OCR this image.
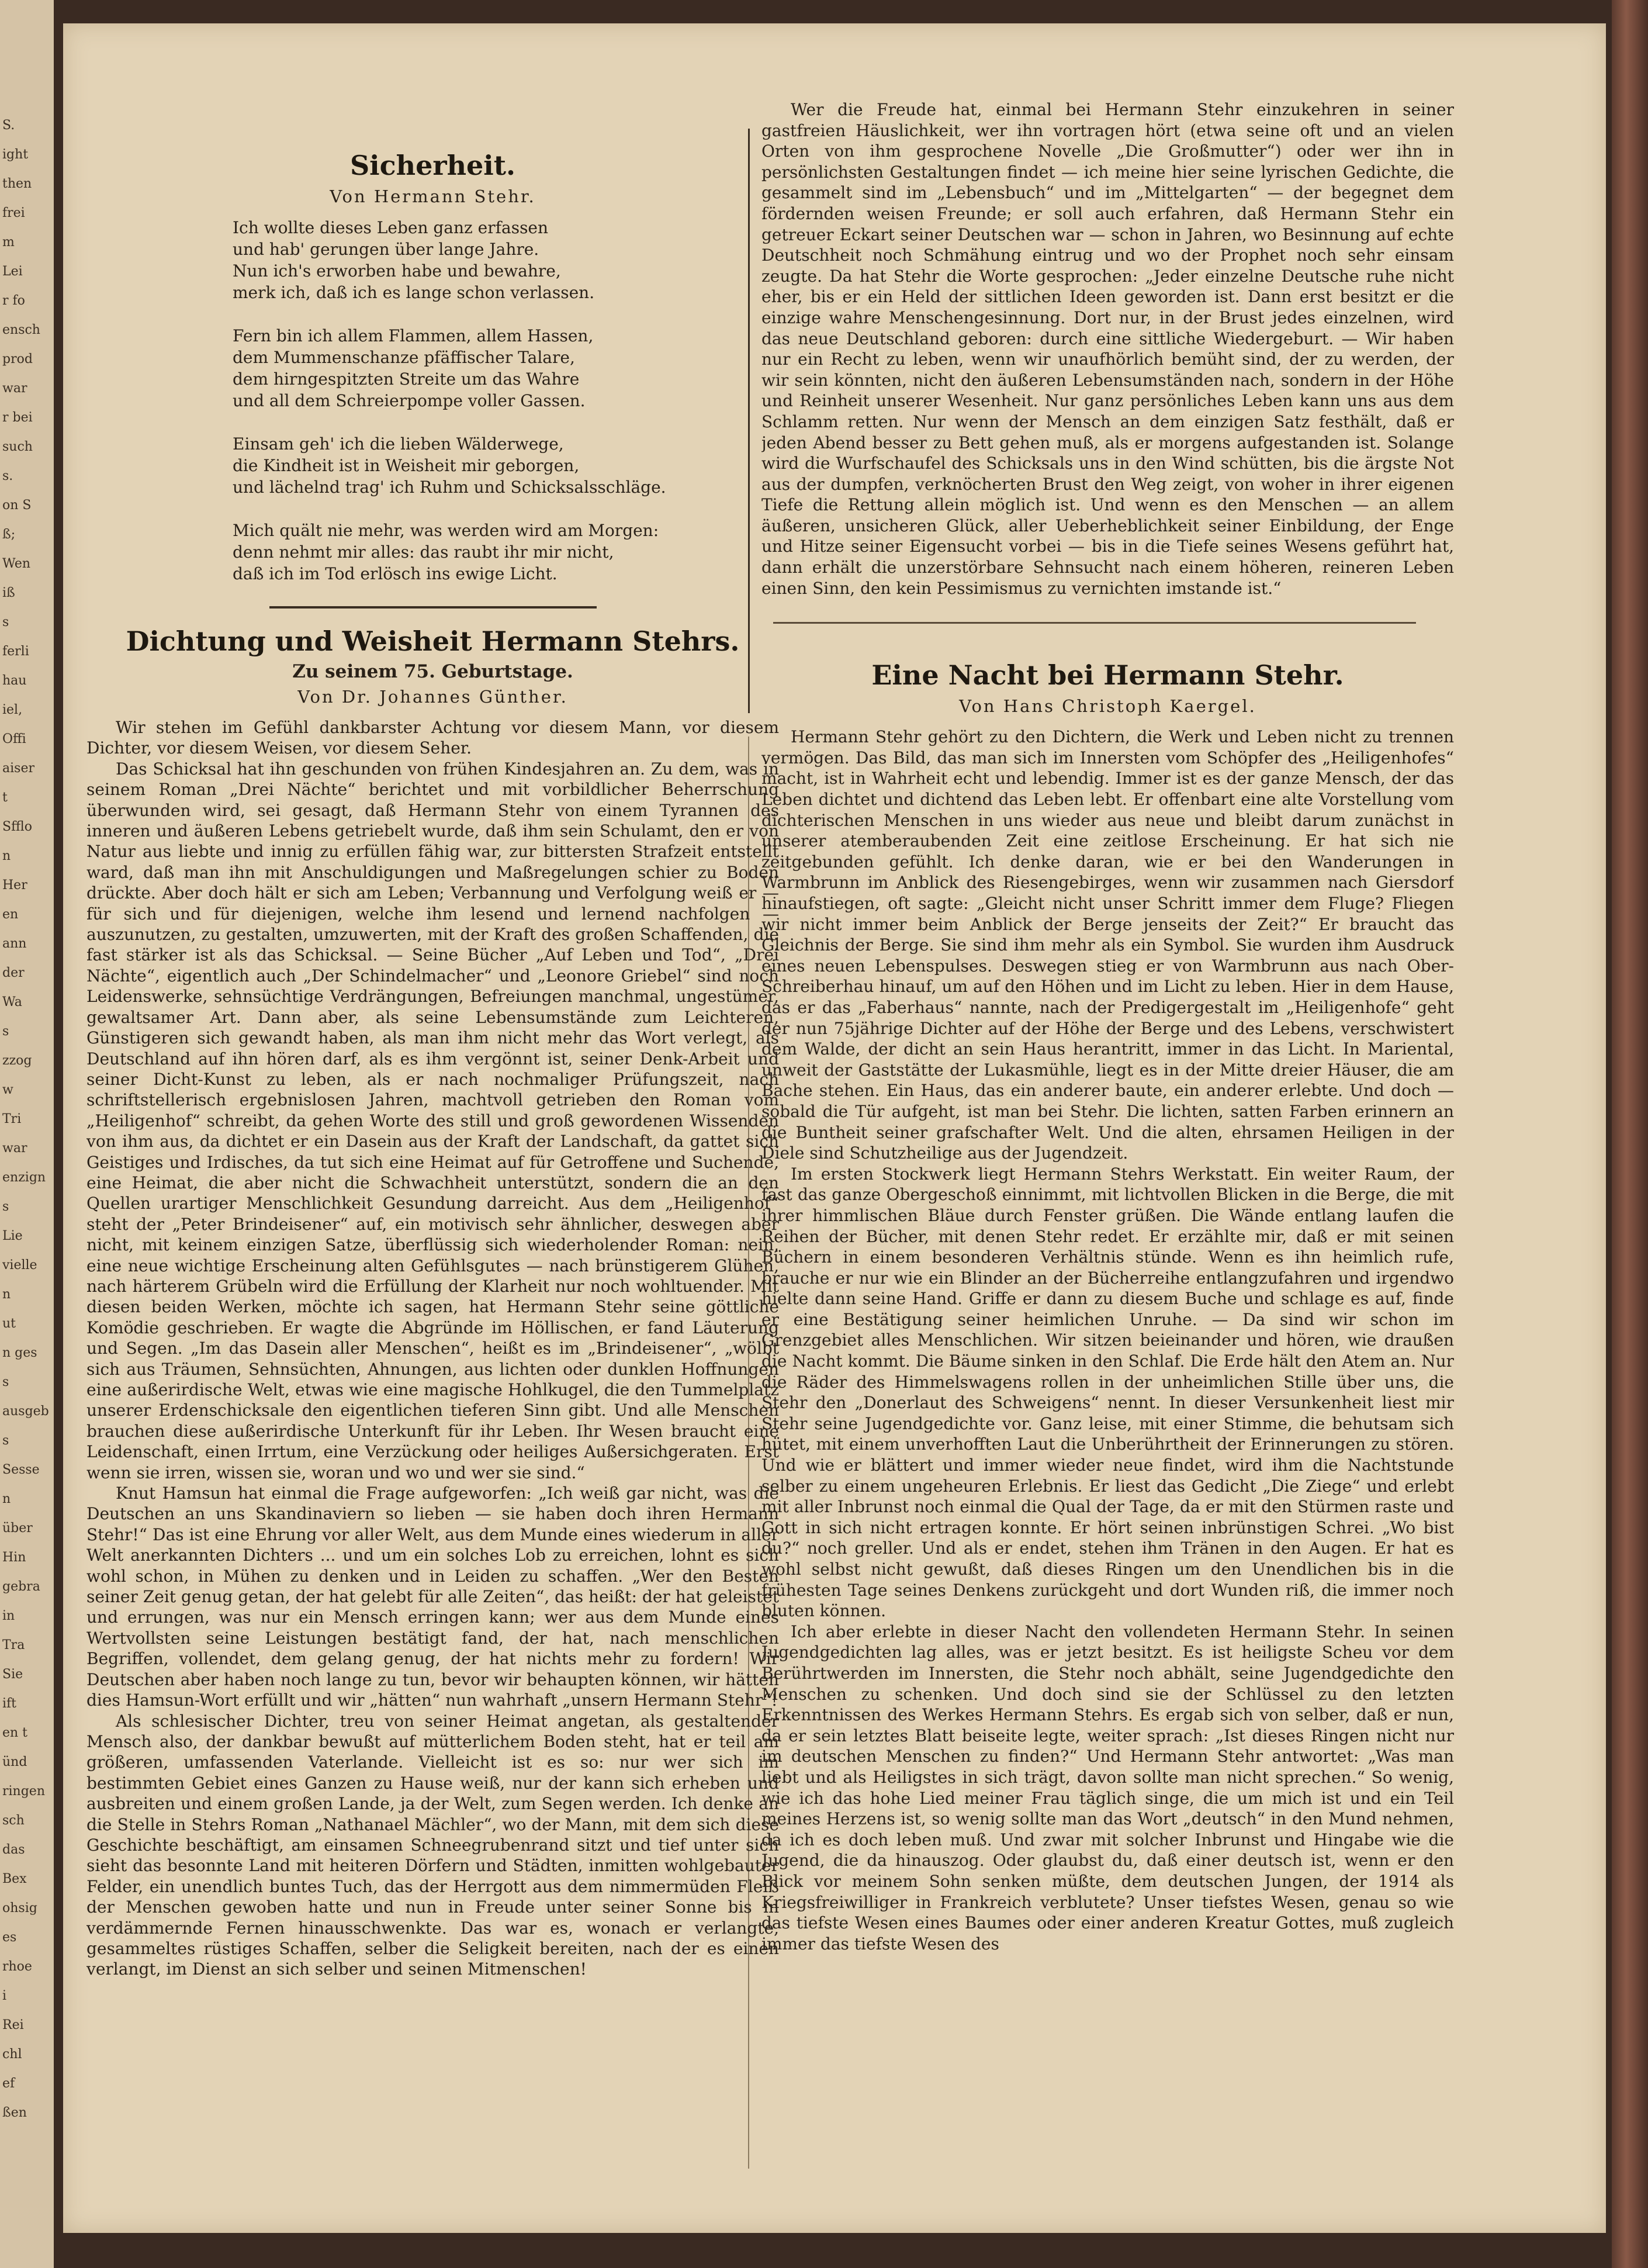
S.
ight
then
frei
m
Lei
r fo
ensch
prod
war
r bei
such
s.
on S
ß;
Wen
iß
s
ferli
hau
iel,
Offi
aiser
t
Sfflo
n
Her
en
ann
der
Wa
s
zzog
w
Tri
war
enzign
s
Lie
vielle
n
ut
n ges
s
ausgeb
s
Sesse
n
über
Hin
gebra
in
Tra
Sie
ift
en t
ünd
ringen
sch
das
Bex
ohsig
es
rhoe
i
Rei
chl
ef
ßen
Sicherheit.
Von Hermann Stehr.
Ich wollte dieses Leben ganz erfassen
und hab' gerungen über lange Jahre.
Nun ich's erworben habe und bewahre,
merk ich, daß ich es lange schon verlassen.
Fern bin ich allem Flammen, allem Hassen,
dem Mummenschanze pfäffischer Talare,
dem hirngespitzten Streite um das Wahre
und all dem Schreierpompe voller Gassen.
Einsam geh' ich die lieben Wälderwege,
die Kindheit ist in Weisheit mir geborgen,
und lächelnd trag' ich Ruhm und Schicksalsschläge.
Mich quält nie mehr, was werden wird am Morgen:
denn nehmt mir alles: das raubt ihr mir nicht,
daß ich im Tod erlösch ins ewige Licht.
Dichtung und Weisheit Hermann Stehrs.
Zu seinem 75. Geburtstage.
Von Dr. Johannes Günther.

Wir stehen im Gefühl dankbarster Achtung vor diesem Mann, vor diesem Dichter, vor diesem Weisen, vor diesem Seher.

Das Schicksal hat ihn geschunden von frühen Kindesjahren an. Zu dem, was in seinem Roman „Drei Nächte“ berichtet und mit vorbildlicher Beherrschung überwunden wird, sei gesagt, daß Hermann Stehr von einem Tyrannen des inneren und äußeren Lebens getriebelt wurde, daß ihm sein Schulamt, den er von Natur aus liebte und innig zu erfüllen fähig war, zur bittersten Strafzeit entstellt ward, daß man ihn mit Anschuldigungen und Maßregelungen schier zu Boden drückte. Aber doch hält er sich am Leben; Verbannung und Verfolgung weiß er — für sich und für diejenigen, welche ihm lesend und lernend nachfolgen — auszunutzen, zu gestalten, umzuwerten, mit der Kraft des großen Schaffenden, die fast stärker ist als das Schicksal. — Seine Bücher „Auf Leben und Tod“, „Drei Nächte“, eigentlich auch „Der Schindelmacher“ und „Leonore Griebel“ sind noch Leidenswerke, sehnsüchtige Verdrängungen, Befreiungen manchmal, ungestümer, gewaltsamer Art. Dann aber, als seine Lebensumstände zum Leichteren, Günstigeren sich gewandt haben, als man ihm nicht mehr das Wort verlegt, als Deutschland auf ihn hören darf, als es ihm vergönnt ist, seiner Denk-Arbeit und seiner Dicht-Kunst zu leben, als er nach nochmaliger Prüfungszeit, nach schriftstellerisch ergebnislosen Jahren, machtvoll getrieben den Roman vom „Heiligenhof“ schreibt, da gehen Worte des still und groß gewordenen Wissenden von ihm aus, da dichtet er ein Dasein aus der Kraft der Landschaft, da gattet sich Geistiges und Irdisches, da tut sich eine Heimat auf für Getroffene und Suchende, eine Heimat, die aber nicht die Schwachheit unterstützt, sondern die an den Quellen urartiger Menschlichkeit Gesundung darreicht. Aus dem „Heiligenhof“ steht der „Peter Brindeisener“ auf, ein motivisch sehr ähnlicher, deswegen aber nicht, mit keinem einzigen Satze, überflüssig sich wiederholender Roman: nein, eine neue wichtige Erscheinung alten Gefühlsgutes — nach brünstigerem Glühen, nach härterem Grübeln wird die Erfüllung der Klarheit nur noch wohltuender. Mit diesen beiden Werken, möchte ich sagen, hat Hermann Stehr seine göttliche Komödie geschrieben. Er wagte die Abgründe im Höllischen, er fand Läuterung und Segen. „Im das Dasein aller Menschen“, heißt es im „Brindeisener“, „wölbt sich aus Träumen, Sehnsüchten, Ahnungen, aus lichten oder dunklen Hoffnungen eine außerirdische Welt, etwas wie eine magische Hohlkugel, die den Tummelplatz unserer Erdenschicksale den eigentlichen tieferen Sinn gibt. Und alle Menschen brauchen diese außerirdische Unterkunft für ihr Leben. Ihr Wesen braucht eine Leidenschaft, einen Irrtum, eine Verzückung oder heiliges Außersichgeraten. Erst wenn sie irren, wissen sie, woran und wo und wer sie sind.“

Knut Hamsun hat einmal die Frage aufgeworfen: „Ich weiß gar nicht, was die Deutschen an uns Skandinaviern so lieben — sie haben doch ihren Hermann Stehr!“ Das ist eine Ehrung vor aller Welt, aus dem Munde eines wiederum in aller Welt anerkannten Dichters ... und um ein solches Lob zu erreichen, lohnt es sich wohl schon, in Mühen zu denken und in Leiden zu schaffen. „Wer den Besten seiner Zeit genug getan, der hat gelebt für alle Zeiten“, das heißt: der hat geleistet und errungen, was nur ein Mensch erringen kann; wer aus dem Munde eines Wertvollsten seine Leistungen bestätigt fand, der hat, nach menschlichen Begriffen, vollendet, dem gelang genug, der hat nichts mehr zu fordern! Wir Deutschen aber haben noch lange zu tun, bevor wir behaupten können, wir hätten dies Hamsun-Wort erfüllt und wir „hätten“ nun wahrhaft „unsern Hermann Stehr“!

Als schlesischer Dichter, treu von seiner Heimat angetan, als gestaltender Mensch also, der dankbar bewußt auf mütterlichem Boden steht, hat er teil am größeren, umfassenden Vaterlande. Vielleicht ist es so: nur wer sich im bestimmten Gebiet eines Ganzen zu Hause weiß, nur der kann sich erheben und ausbreiten und einem großen Lande, ja der Welt, zum Segen werden. Ich denke an die Stelle in Stehrs Roman „Nathanael Mächler“, wo der Mann, mit dem sich diese Geschichte beschäftigt, am einsamen Schneegrubenrand sitzt und tief unter sich sieht das besonnte Land mit heiteren Dörfern und Städten, inmitten wohlgebauter Felder, ein unendlich buntes Tuch, das der Herrgott aus dem nimmermüden Fleiß der Menschen gewoben hatte und nun in Freude unter seiner Sonne bis in verdämmernde Fernen hinausschwenkte. Das war es, wonach er verlangte, gesammeltes rüstiges Schaffen, selber die Seligkeit bereiten, nach der es einen verlangt, im Dienst an sich selber und seinen Mitmenschen!

Wer die Freude hat, einmal bei Hermann Stehr einzukehren in seiner gastfreien Häuslichkeit, wer ihn vortragen hört (etwa seine oft und an vielen Orten von ihm gesprochene Novelle „Die Großmutter“) oder wer ihn in persönlichsten Gestaltungen findet — ich meine hier seine lyrischen Gedichte, die gesammelt sind im „Lebensbuch“ und im „Mittelgarten“ — der begegnet dem fördernden weisen Freunde; er soll auch erfahren, daß Hermann Stehr ein getreuer Eckart seiner Deutschen war — schon in Jahren, wo Besinnung auf echte Deutschheit noch Schmähung eintrug und wo der Prophet noch sehr einsam zeugte. Da hat Stehr die Worte gesprochen: „Jeder einzelne Deutsche ruhe nicht eher, bis er ein Held der sittlichen Ideen geworden ist. Dann erst besitzt er die einzige wahre Menschengesinnung. Dort nur, in der Brust jedes einzelnen, wird das neue Deutschland geboren: durch eine sittliche Wiedergeburt. — Wir haben nur ein Recht zu leben, wenn wir unaufhörlich bemüht sind, der zu werden, der wir sein könnten, nicht den äußeren Lebensumständen nach, sondern in der Höhe und Reinheit unserer Wesenheit. Nur ganz persönliches Leben kann uns aus dem Schlamm retten. Nur wenn der Mensch an dem einzigen Satz festhält, daß er jeden Abend besser zu Bett gehen muß, als er morgens aufgestanden ist. Solange wird die Wurfschaufel des Schicksals uns in den Wind schütten, bis die ärgste Not aus der dumpfen, verknöcherten Brust den Weg zeigt, von woher in ihrer eigenen Tiefe die Rettung allein möglich ist. Und wenn es den Menschen — an allem äußeren, unsicheren Glück, aller Ueberheblichkeit seiner Einbildung, der Enge und Hitze seiner Eigensucht vorbei — bis in die Tiefe seines Wesens geführt hat, dann erhält die unzerstörbare Sehnsucht nach einem höheren, reineren Leben einen Sinn, den kein Pessimismus zu vernichten imstande ist.“

Eine Nacht bei Hermann Stehr.
Von Hans Christoph Kaergel.

Hermann Stehr gehört zu den Dichtern, die Werk und Leben nicht zu trennen vermögen. Das Bild, das man sich im Innersten vom Schöpfer des „Heiligenhofes“ macht, ist in Wahrheit echt und lebendig. Immer ist es der ganze Mensch, der das Leben dichtet und dichtend das Leben lebt. Er offenbart eine alte Vorstellung vom dichterischen Menschen in uns wieder aus neue und bleibt darum zunächst in unserer atemberaubenden Zeit eine zeitlose Erscheinung. Er hat sich nie zeitgebunden gefühlt. Ich denke daran, wie er bei den Wanderungen in Warmbrunn im Anblick des Riesengebirges, wenn wir zusammen nach Giersdorf hinaufstiegen, oft sagte: „Gleicht nicht unser Schritt immer dem Fluge? Fliegen wir nicht immer beim Anblick der Berge jenseits der Zeit?“ Er braucht das Gleichnis der Berge. Sie sind ihm mehr als ein Symbol. Sie wurden ihm Ausdruck eines neuen Lebenspulses. Deswegen stieg er von Warmbrunn aus nach Ober-Schreiberhau hinauf, um auf den Höhen und im Licht zu leben. Hier in dem Hause, das er das „Faberhaus“ nannte, nach der Predigergestalt im „Heiligenhofe“ geht der nun 75jährige Dichter auf der Höhe der Berge und des Lebens, verschwistert dem Walde, der dicht an sein Haus herantritt, immer in das Licht. In Mariental, unweit der Gaststätte der Lukasmühle, liegt es in der Mitte dreier Häuser, die am Bache stehen. Ein Haus, das ein anderer baute, ein anderer erlebte. Und doch — sobald die Tür aufgeht, ist man bei Stehr. Die lichten, satten Farben erinnern an die Buntheit seiner grafschafter Welt. Und die alten, ehrsamen Heiligen in der Diele sind Schutzheilige aus der Jugendzeit.

Im ersten Stockwerk liegt Hermann Stehrs Werkstatt. Ein weiter Raum, der fast das ganze Obergeschoß einnimmt, mit lichtvollen Blicken in die Berge, die mit ihrer himmlischen Bläue durch Fenster grüßen. Die Wände entlang laufen die Reihen der Bücher, mit denen Stehr redet. Er erzählte mir, daß er mit seinen Büchern in einem besonderen Verhältnis stünde. Wenn es ihn heimlich rufe, brauche er nur wie ein Blinder an der Bücherreihe entlangzufahren und irgendwo hielte dann seine Hand. Griffe er dann zu diesem Buche und schlage es auf, finde er eine Bestätigung seiner heimlichen Unruhe. — Da sind wir schon im Grenzgebiet alles Menschlichen. Wir sitzen beieinander und hören, wie draußen die Nacht kommt. Die Bäume sinken in den Schlaf. Die Erde hält den Atem an. Nur die Räder des Himmelswagens rollen in der unheimlichen Stille über uns, die Stehr den „Donerlaut des Schweigens“ nennt. In dieser Versunkenheit liest mir Stehr seine Jugendgedichte vor. Ganz leise, mit einer Stimme, die behutsam sich hütet, mit einem unverhofften Laut die Unberührtheit der Erinnerungen zu stören. Und wie er blättert und immer wieder neue findet, wird ihm die Nachtstunde selber zu einem ungeheuren Erlebnis. Er liest das Gedicht „Die Ziege“ und erlebt mit aller Inbrunst noch einmal die Qual der Tage, da er mit den Stürmen raste und Gott in sich nicht ertragen konnte. Er hört seinen inbrünstigen Schrei. „Wo bist du?“ noch greller. Und als er endet, stehen ihm Tränen in den Augen. Er hat es wohl selbst nicht gewußt, daß dieses Ringen um den Unendlichen bis in die frühesten Tage seines Denkens zurückgeht und dort Wunden riß, die immer noch bluten können.

Ich aber erlebte in dieser Nacht den vollendeten Hermann Stehr. In seinen Jugendgedichten lag alles, was er jetzt besitzt. Es ist heiligste Scheu vor dem Berührtwerden im Innersten, die Stehr noch abhält, seine Jugendgedichte den Menschen zu schenken. Und doch sind sie der Schlüssel zu den letzten Erkenntnissen des Werkes Hermann Stehrs. Es ergab sich von selber, daß er nun, da er sein letztes Blatt beiseite legte, weiter sprach: „Ist dieses Ringen nicht nur im deutschen Menschen zu finden?“ Und Hermann Stehr antwortet: „Was man liebt und als Heiligstes in sich trägt, davon sollte man nicht sprechen.“ So wenig, wie ich das hohe Lied meiner Frau täglich singe, die um mich ist und ein Teil meines Herzens ist, so wenig sollte man das Wort „deutsch“ in den Mund nehmen, da ich es doch leben muß. Und zwar mit solcher Inbrunst und Hingabe wie die Jugend, die da hinauszog. Oder glaubst du, daß einer deutsch ist, wenn er den Blick vor meinem Sohn senken müßte, dem deutschen Jungen, der 1914 als Kriegsfreiwilliger in Frankreich verblutete? Unser tiefstes Wesen, genau so wie das tiefste Wesen eines Baumes oder einer anderen Kreatur Gottes, muß zugleich immer das tiefste Wesen des
